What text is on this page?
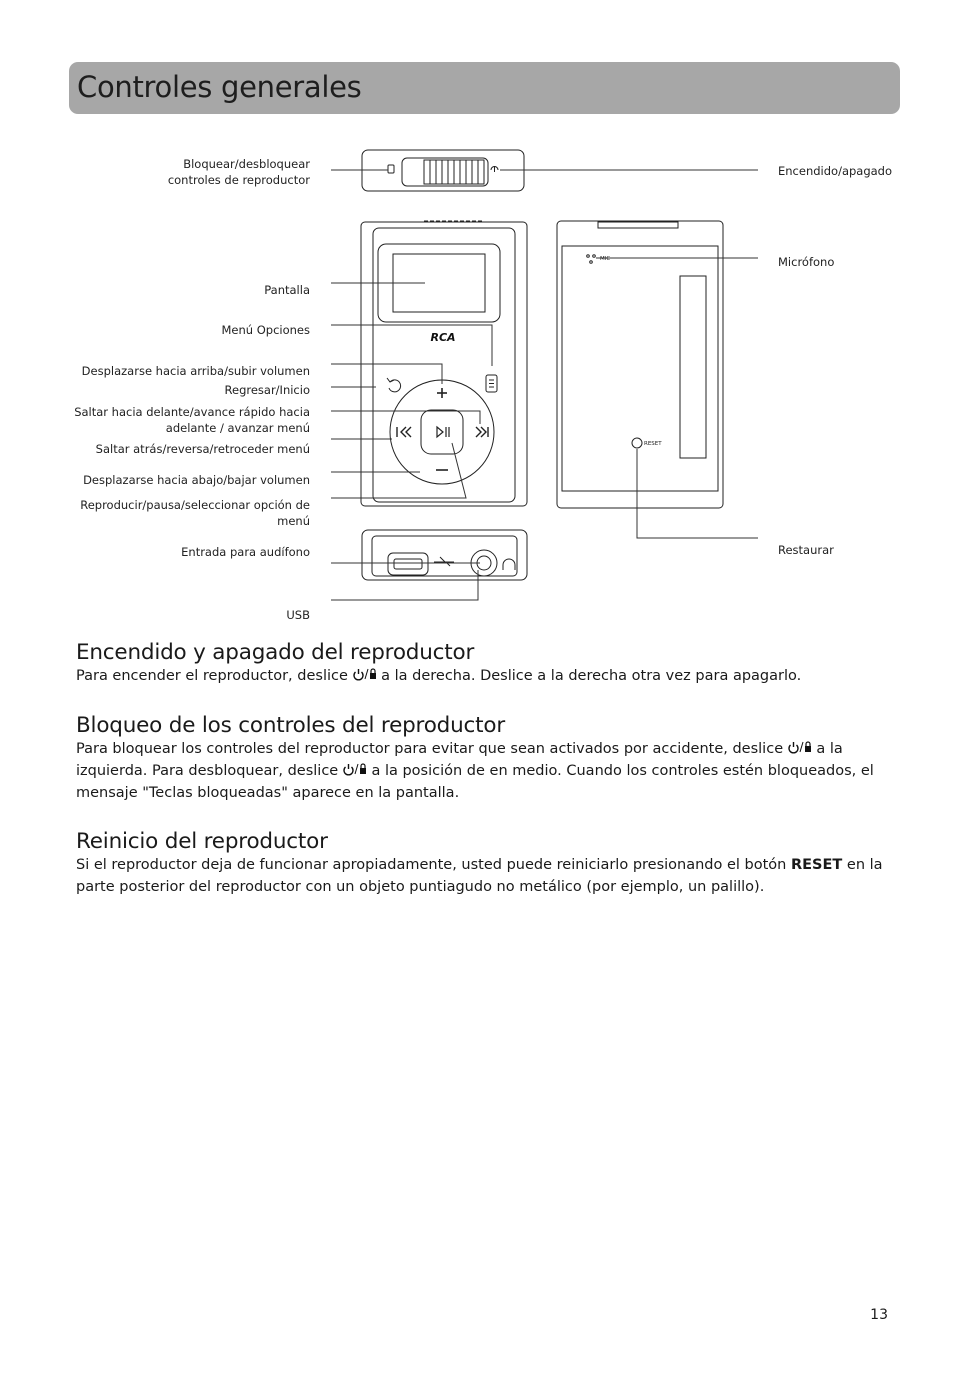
Controles generales
RCA
MIC
RESET
Bloquear/desbloquear
controles de reproductor
Encendido/apagado
Micrófono
Pantalla
Menú Opciones
Desplazarse hacia arriba/subir volumen
Regresar/Inicio
Saltar hacia delante/avance rápido hacia
adelante / avanzar menú
Saltar atrás/reversa/retroceder menú
Desplazarse hacia abajo/bajar volumen
Reproducir/pausa/seleccionar opción de
menú
Entrada para audífono
USB
Restaurar
Encendido y apagado del reproductor

Para encender el reproductor, deslice  a la derecha. Deslice a la derecha otra vez para apagarlo.

Bloqueo de los controles del reproductor

Para bloquear los controles del reproductor para evitar que sean activados por accidente, deslice  a la izquierda. Para desbloquear, deslice  a la posición de en medio. Cuando los controles estén bloqueados, el mensaje "Teclas bloqueadas" aparece en la pantalla.

Reinicio del reproductor

Si el reproductor deja de funcionar apropiadamente, usted puede reiniciarlo presionando el botón RESET en la parte posterior del reproductor con un objeto puntiagudo no metálico (por ejemplo, un palillo).

13
